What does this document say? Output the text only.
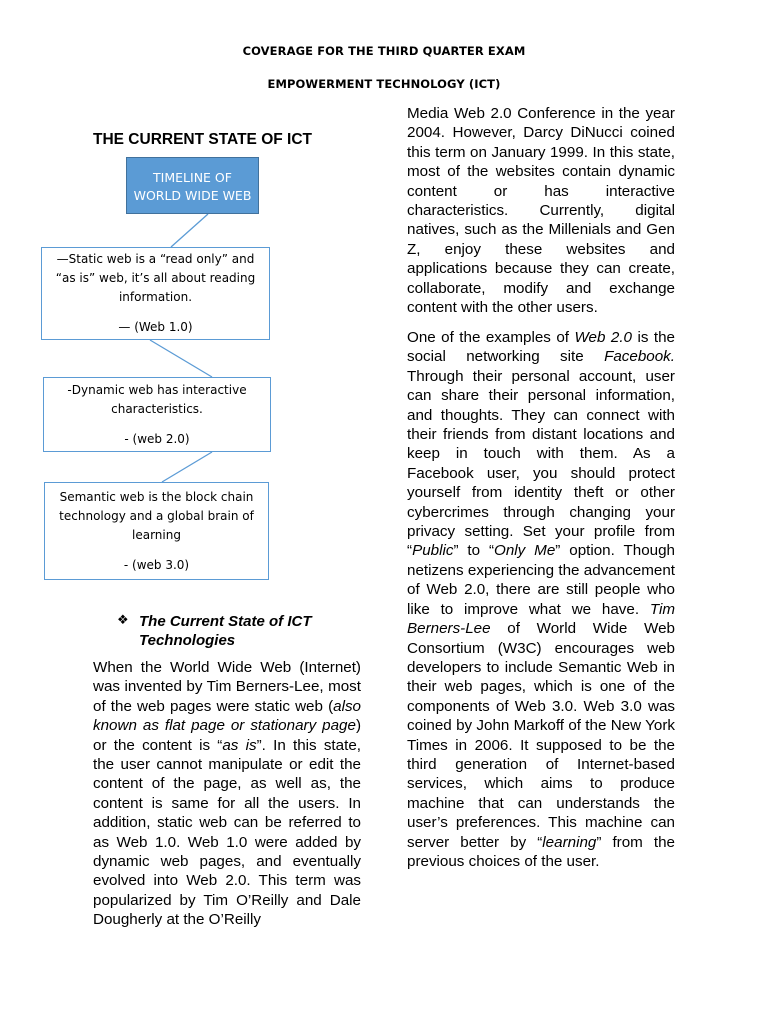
COVERAGE FOR THE THIRD QUARTER EXAM
EMPOWERMENT TECHNOLOGY (ICT)
THE CURRENT STATE OF ICT
TIMELINE OF
WORLD WIDE WEB
—Static web is a “read only” and
“as is” web, it’s all about reading
information.
— (Web 1.0)
-Dynamic web has interactive
characteristics.
- (web 2.0)
Semantic web is the block chain
technology and a global brain of
learning
- (web 3.0)
❖ The Current State of ICT
Technologies

When the World Wide Web (Internet) was invented by Tim Berners-Lee, most of the web pages were static web (also known as flat page or stationary page) or the content is “as is”. In this state, the user cannot manipulate or edit the content of the page, as well as, the content is same for all the users. In addition, static web can be referred to as Web 1.0. Web 1.0 were added by dynamic web pages, and eventually evolved into Web 2.0. This term was popularized by Tim O’Reilly and Dale Dougherly at the O’Reilly

Media Web 2.0 Conference in the year 2004. However, Darcy DiNucci coined this term on January 1999. In this state, most of the websites contain dynamic content or has interactive characteristics. Currently, digital natives, such as the Millenials and Gen Z, enjoy these websites and applications because they can create, collaborate, modify and exchange content with the other users.

One of the examples of Web 2.0 is the social networking site Facebook. Through their personal account, user can share their personal information, and thoughts. They can connect with their friends from distant locations and keep in touch with them. As a Facebook user, you should protect yourself from identity theft or other cybercrimes through changing your privacy setting. Set your profile from “Public” to “Only Me” option. Though netizens experiencing the advancement of Web 2.0, there are still people who like to improve what we have. Tim Berners-Lee of World Wide Web Consortium (W3C) encourages web developers to include Semantic Web in their web pages, which is one of the components of Web 3.0. Web 3.0 was coined by John Markoff of the New York Times in 2006. It supposed to be the third generation of Internet-based services, which aims to produce machine that can understands the user’s preferences. This machine can server better by “learning” from the previous choices of the user.
